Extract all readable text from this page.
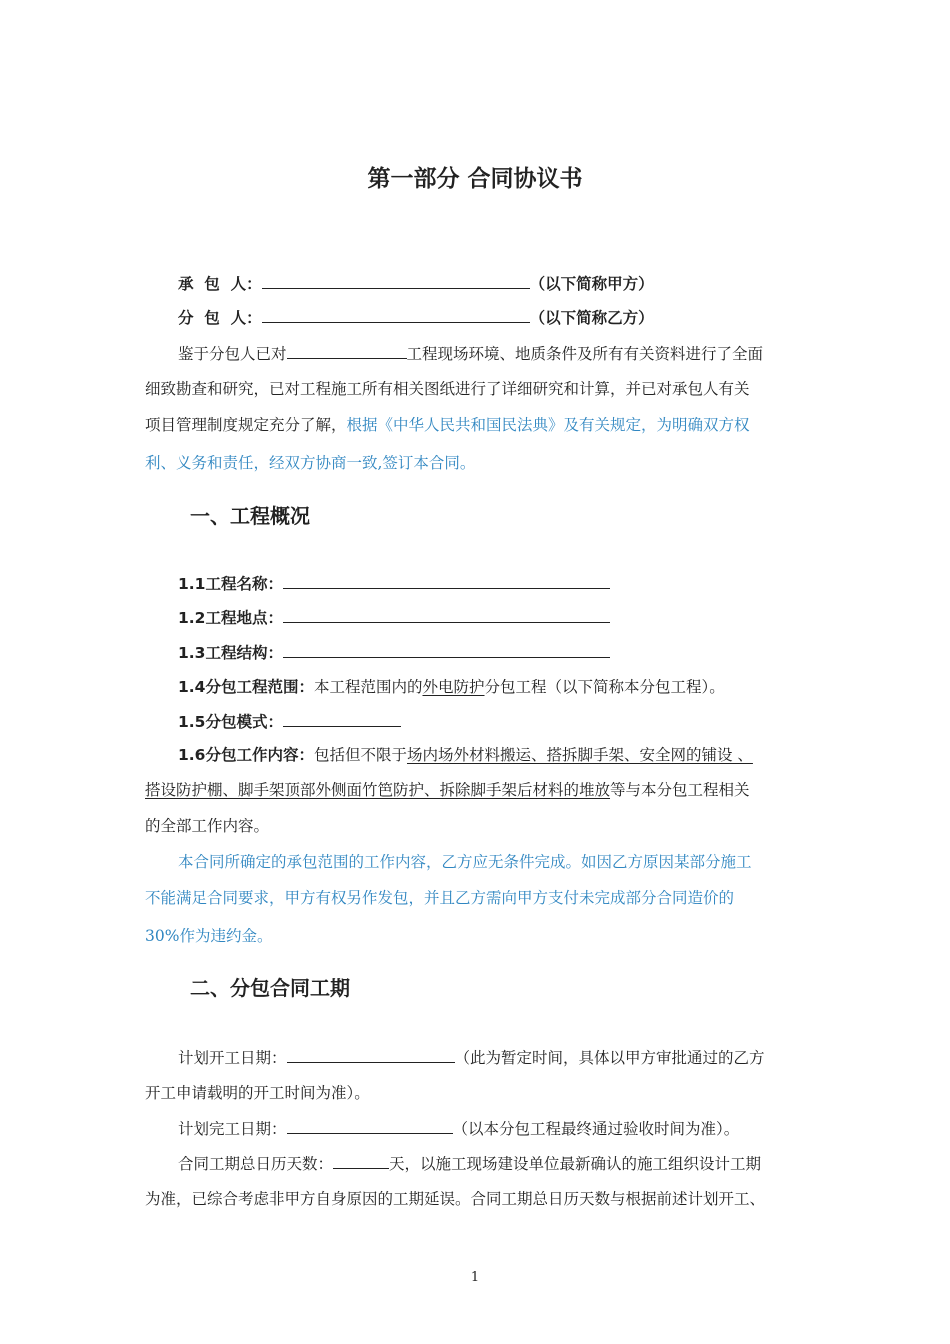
第一部分 合同协议书
承  包  人：	（以下简称甲方）
分  包  人：	（以下简称乙方）
鉴于分包人已对	工程现场环境、地质条件及所有有关资料进行了全面
细致勘查和研究，已对工程施工所有相关图纸进行了详细研究和计算，并已对承包人有关
项目管理制度规定充分了解，根据《中华人民共和国民法典》及有关规定，为明确双方权
利、义务和责任，经双方协商一致,签订本合同。
一、工程概况
1.1工程名称：
1.2工程地点：
1.3工程结构：
1.4分包工程范围：本工程范围内的外电防护分包工程（以下简称本分包工程）。
1.5分包模式：
1.6分包工作内容：包括但不限于场内场外材料搬运、搭拆脚手架、安全网的铺设 、
搭设防护棚、脚手架顶部外侧面竹笆防护、拆除脚手架后材料的堆放等与本分包工程相关
的全部工作内容。
本合同所确定的承包范围的工作内容，乙方应无条件完成。如因乙方原因某部分施工
不能满足合同要求，甲方有权另作发包，并且乙方需向甲方支付未完成部分合同造价的
30%作为违约金。
二、分包合同工期
计划开工日期：	（此为暂定时间，具体以甲方审批通过的乙方
开工申请载明的开工时间为准）。
计划完工日期：	（以本分包工程最终通过验收时间为准）。
合同工期总日历天数：	天，以施工现场建设单位最新确认的施工组织设计工期
为准，已综合考虑非甲方自身原因的工期延误。合同工期总日历天数与根据前述计划开工、
1
